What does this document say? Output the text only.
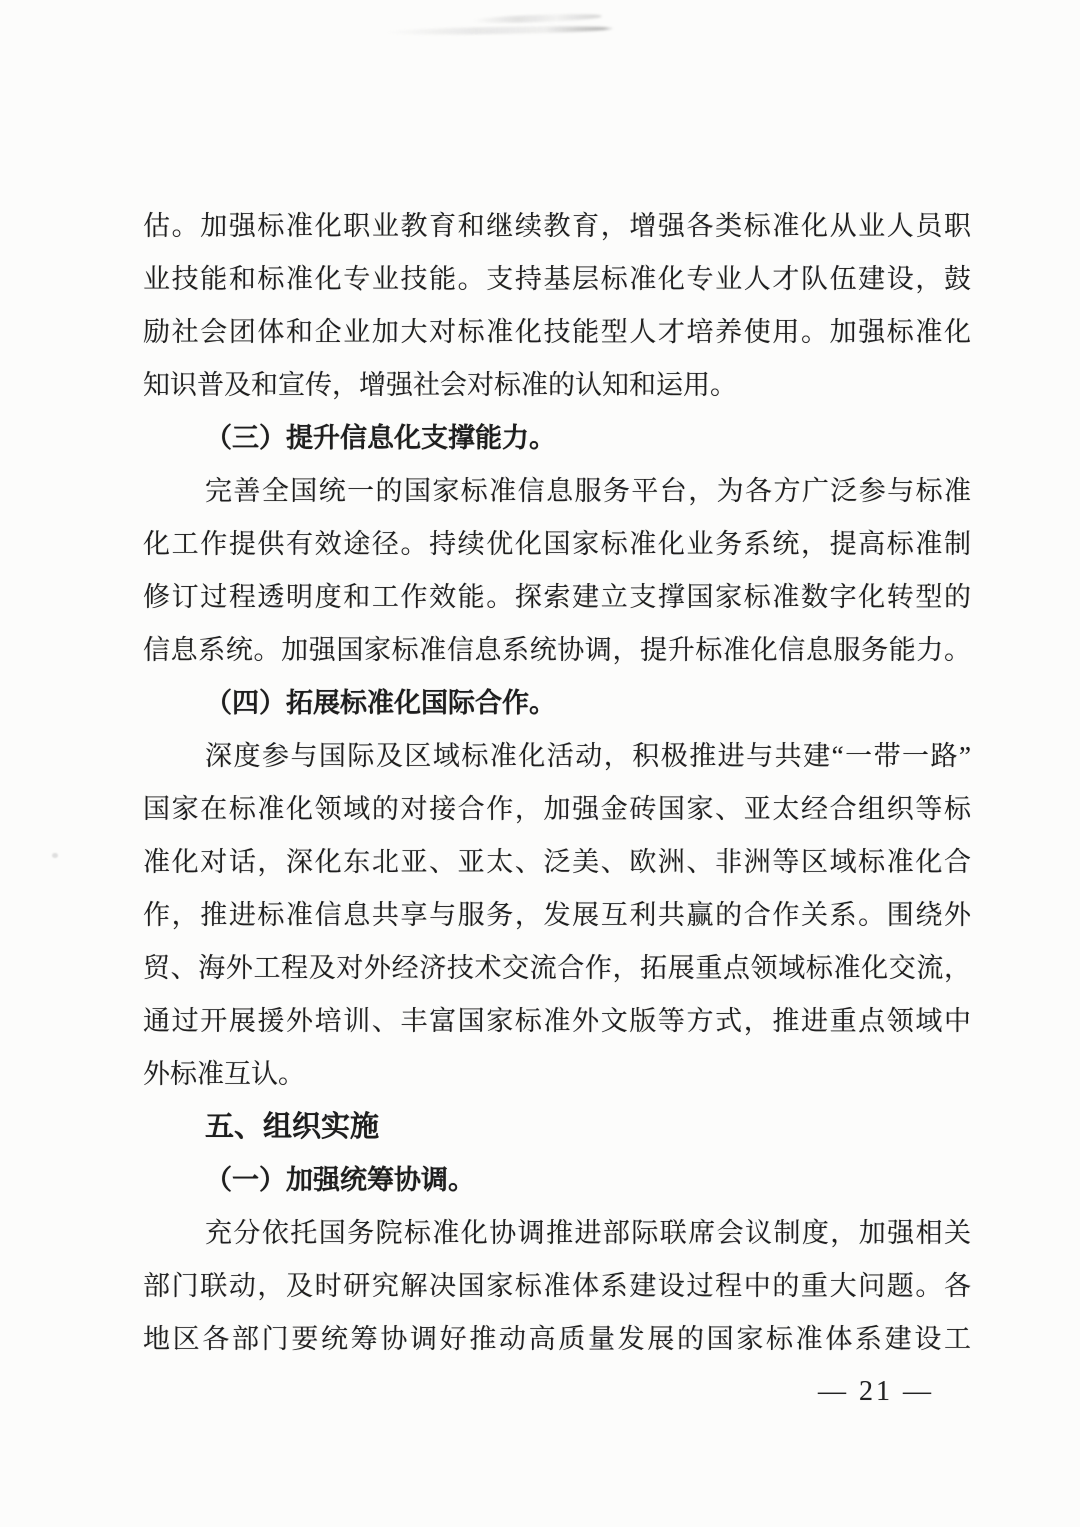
估。加强标准化职业教育和继续教育，增强各类标准化从业人员职
业技能和标准化专业技能。支持基层标准化专业人才队伍建设，鼓
励社会团体和企业加大对标准化技能型人才培养使用。加强标准化
知识普及和宣传，增强社会对标准的认知和运用。
（三）提升信息化支撑能力。
完善全国统一的国家标准信息服务平台，为各方广泛参与标准
化工作提供有效途径。持续优化国家标准化业务系统，提高标准制
修订过程透明度和工作效能。探索建立支撑国家标准数字化转型的
信息系统。加强国家标准信息系统协调，提升标准化信息服务能力。
（四）拓展标准化国际合作。
深度参与国际及区域标准化活动，积极推进与共建“一带一路”
国家在标准化领域的对接合作，加强金砖国家、亚太经合组织等标
准化对话，深化东北亚、亚太、泛美、欧洲、非洲等区域标准化合
作，推进标准信息共享与服务，发展互利共赢的合作关系。围绕外
贸、海外工程及对外经济技术交流合作，拓展重点领域标准化交流，
通过开展援外培训、丰富国家标准外文版等方式，推进重点领域中
外标准互认。
五、组织实施
（一）加强统筹协调。
充分依托国务院标准化协调推进部际联席会议制度，加强相关
部门联动，及时研究解决国家标准体系建设过程中的重大问题。各
地区各部门要统筹协调好推动高质量发展的国家标准体系建设工
— 21 —
